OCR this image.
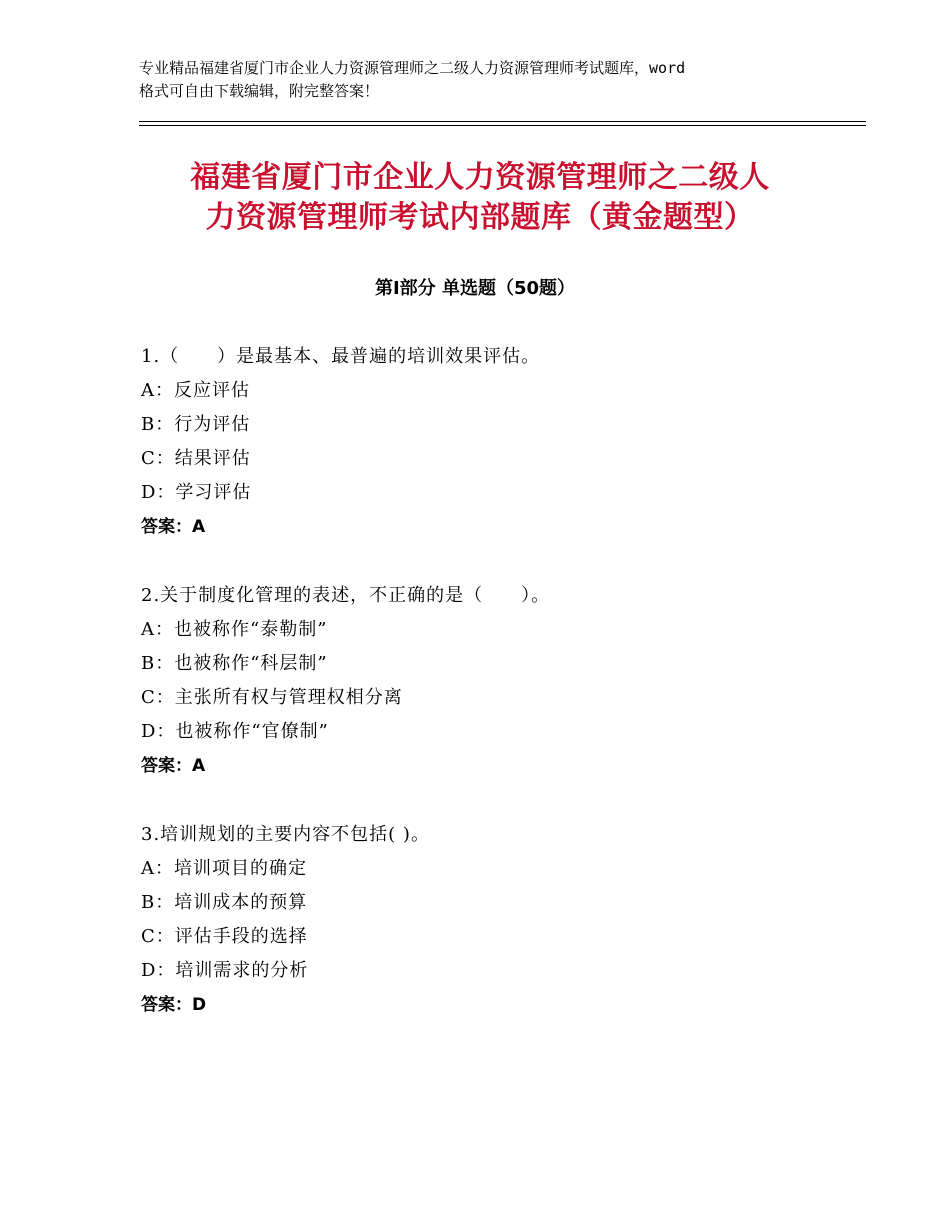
专业精品福建省厦门市企业人力资源管理师之二级人力资源管理师考试题库，word
格式可自由下载编辑，附完整答案！
福建省厦门市企业人力资源管理师之二级人
力资源管理师考试内部题库（黄金题型）
第Ⅰ部分 单选题（50题）
1.（　　）是最基本、最普遍的培训效果评估。
A：反应评估
B：行为评估
C：结果评估
D：学习评估
答案：A
2.关于制度化管理的表述，不正确的是（　　）。
A：也被称作“泰勒制”
B：也被称作“科层制”
C：主张所有权与管理权相分离
D：也被称作“官僚制”
答案：A
3.培训规划的主要内容不包括( )。
A：培训项目的确定
B：培训成本的预算
C：评估手段的选择
D：培训需求的分析
答案：D
